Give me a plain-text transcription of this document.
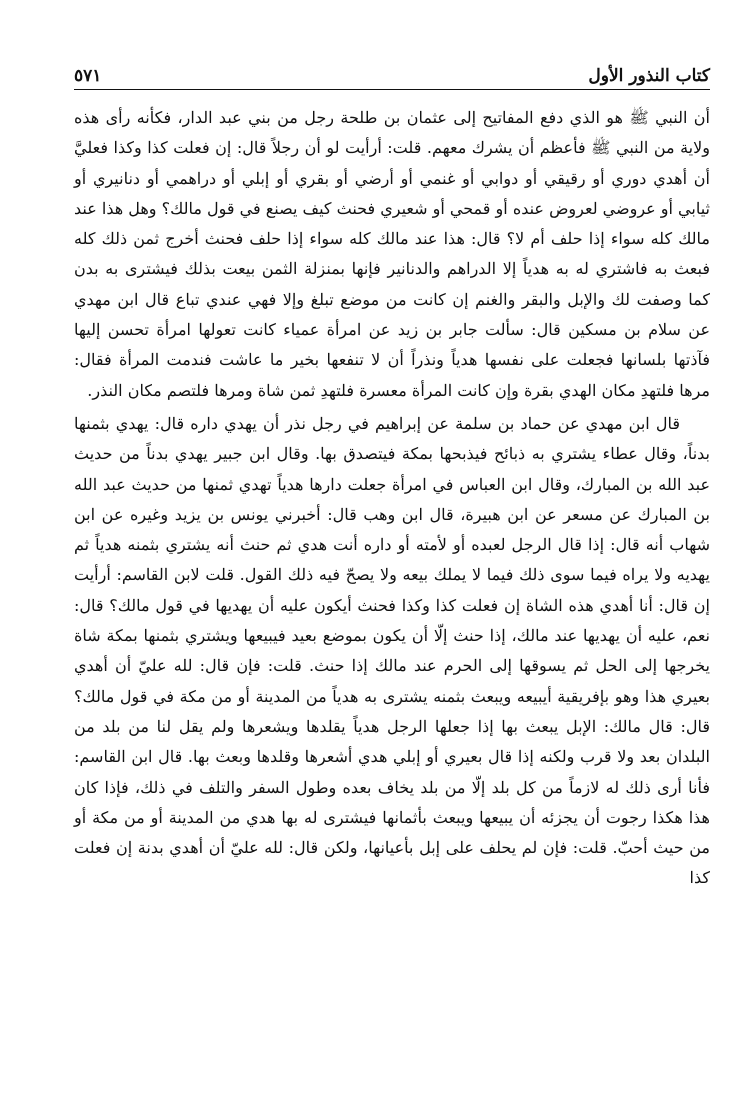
كتاب النذور الأول
٥٧١

أن النبي ﷺ هو الذي دفع المفاتيح إلى عثمان بن طلحة رجل من بني عبد الدار، فكأنه رأى هذه ولاية من النبي ﷺ فأعظم أن يشرك معهم. قلت: أرأيت لو أن رجلاً قال: إن فعلت كذا وكذا فعليَّ أن أهدي دوري أو رقيقي أو دوابي أو غنمي أو أرضي أو بقري أو إبلي أو دراهمي أو دنانيري أو ثيابي أو عروضي لعروض عنده أو قمحي أو شعيري فحنث كيف يصنع في قول مالك؟ وهل هذا عند مالك كله سواء إذا حلف أم لا؟ قال: هذا عند مالك كله سواء إذا حلف فحنث أخرج ثمن ذلك كله فبعث به فاشتري له به هدياً إلا الدراهم والدنانير فإنها بمنزلة الثمن بيعت بذلك فيشترى به بدن كما وصفت لك والإبل والبقر والغنم إن كانت من موضع تبلغ وإلا فهي عندي تباع قال ابن مهدي عن سلام بن مسكين قال: سألت جابر بن زيد عن امرأة عمياء كانت تعولها امرأة تحسن إليها فآذتها بلسانها فجعلت على نفسها هدياً ونذراً أن لا تنفعها بخير ما عاشت فندمت المرأة فقال: مرها فلتهدِ مكان الهدي بقرة وإن كانت المرأة معسرة فلتهدِ ثمن شاة ومرها فلتصم مكان النذر.

قال ابن مهدي عن حماد بن سلمة عن إبراهيم في رجل نذر أن يهدي داره قال: يهدي بثمنها بدناً، وقال عطاء يشتري به ذبائح فيذبحها بمكة فيتصدق بها. وقال ابن جبير يهدي بدناً من حديث عبد الله بن المبارك، وقال ابن العباس في امرأة جعلت دارها هدياً تهدي ثمنها من حديث عبد الله بن المبارك عن مسعر عن ابن هبيرة، قال ابن وهب قال: أخبرني يونس بن يزيد وغيره عن ابن شهاب أنه قال: إذا قال الرجل لعبده أو لأمته أو داره أنت هدي ثم حنث أنه يشتري بثمنه هدياً ثم يهديه ولا يراه فيما سوى ذلك فيما لا يملك بيعه ولا يصحّ فيه ذلك القول. قلت لابن القاسم: أرأيت إن قال: أنا أهدي هذه الشاة إن فعلت كذا وكذا فحنث أيكون عليه أن يهديها في قول مالك؟ قال: نعم، عليه أن يهديها عند مالك، إذا حنث إلّا أن يكون بموضع بعيد فيبيعها ويشتري بثمنها بمكة شاة يخرجها إلى الحل ثم يسوقها إلى الحرم عند مالك إذا حنث. قلت: فإن قال: لله عليّ أن أهدي بعيري هذا وهو بإفريقية أيبيعه ويبعث بثمنه يشترى به هدياً من المدينة أو من مكة في قول مالك؟ قال: قال مالك: الإبل يبعث بها إذا جعلها الرجل هدياً يقلدها ويشعرها ولم يقل لنا من بلد من البلدان بعد ولا قرب ولكنه إذا قال بعيري أو إبلي هدي أشعرها وقلدها وبعث بها. قال ابن القاسم: فأنا أرى ذلك له لازماً من كل بلد إلّا من بلد يخاف بعده وطول السفر والتلف في ذلك، فإذا كان هذا هكذا رجوت أن يجزئه أن يبيعها ويبعث بأثمانها فيشترى له بها هدي من المدينة أو من مكة أو من حيث أحبّ. قلت: فإن لم يحلف على إبل بأعيانها، ولكن قال: لله عليّ أن أهدي بدنة إن فعلت كذا
